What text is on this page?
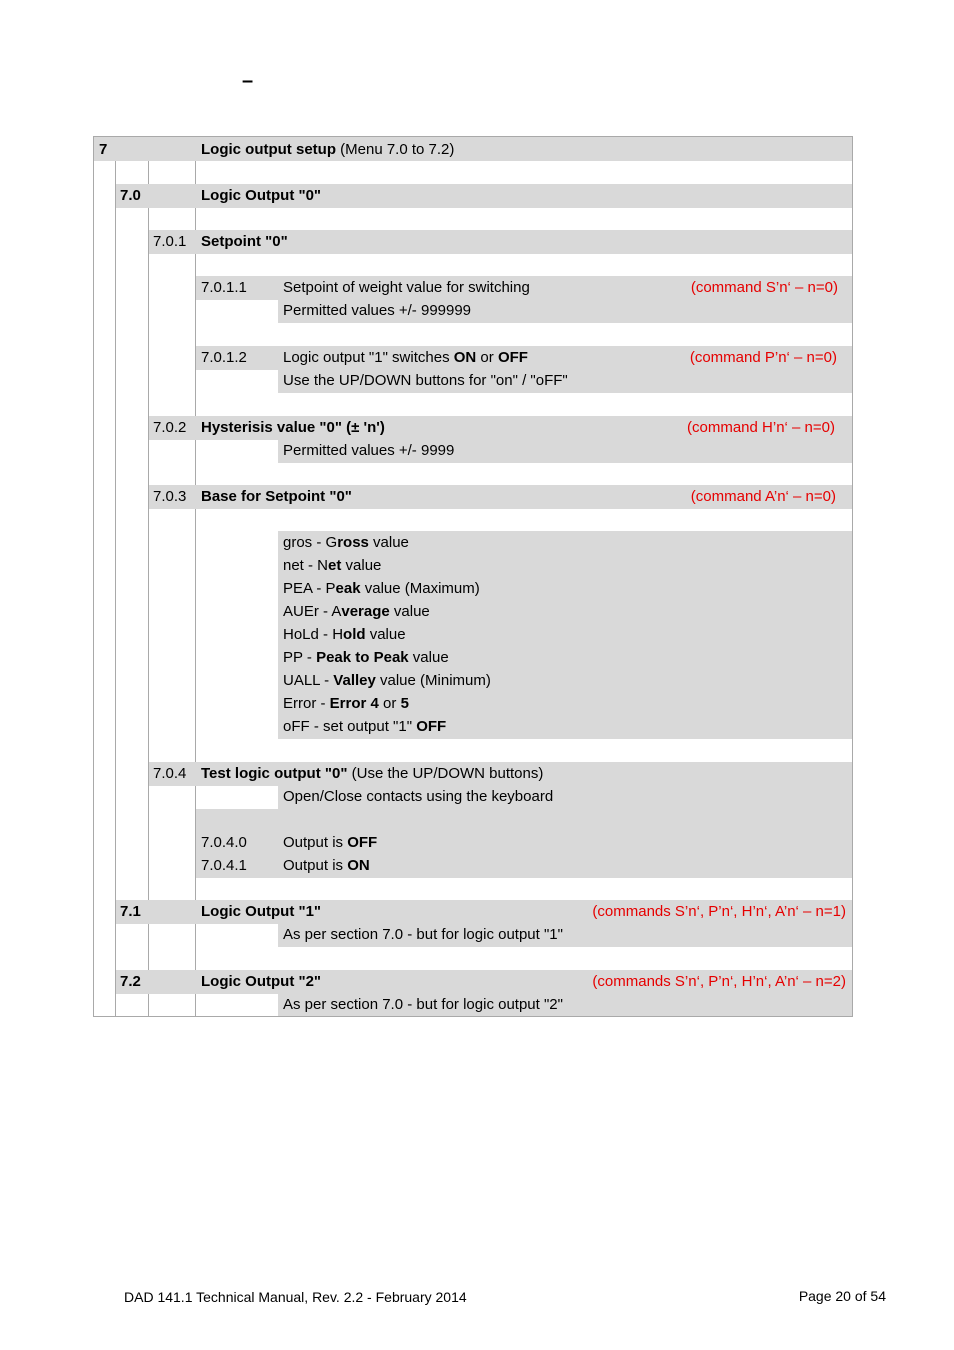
–
7	Logic output setup (Menu 7.0 to 7.2)
7.0	Logic Output "0"
7.0.1 Setpoint "0"
7.0.1.1 Setpoint of weight value for switching	(command S’n‘ – n=0)
Permitted values +/- 999999
7.0.1.2 Logic output "1" switches ON or OFF	(command P’n‘ – n=0)
Use the UP/DOWN buttons for "on" / "oFF"
7.0.2 Hysterisis value "0" (± 'n')	(command H’n‘ – n=0)
Permitted values +/- 9999
7.0.3 Base for Setpoint "0"	(command A’n‘ – n=0)
gros - Gross value
net - Net value
PEA - Peak value (Maximum)
AUEr - Average value
HoLd - Hold value
PP - Peak to Peak value
UALL - Valley value (Minimum)
Error - Error 4 or 5
oFF - set output "1" OFF
7.0.4 Test logic output "0" (Use the UP/DOWN buttons)
Open/Close contacts using the keyboard
7.0.4.0 Output is OFF
7.0.4.1 Output is ON
7.1	Logic Output "1"	(commands S’n‘, P’n‘, H’n‘, A’n‘ – n=1)
As per section 7.0 - but for logic output "1"
7.2	Logic Output "2"	(commands S’n‘, P’n‘, H’n‘, A’n‘ – n=2)
As per section 7.0 - but for logic output "2"
DAD 141.1 Technical Manual, Rev. 2.2 - February 2014	Page 20 of 54
